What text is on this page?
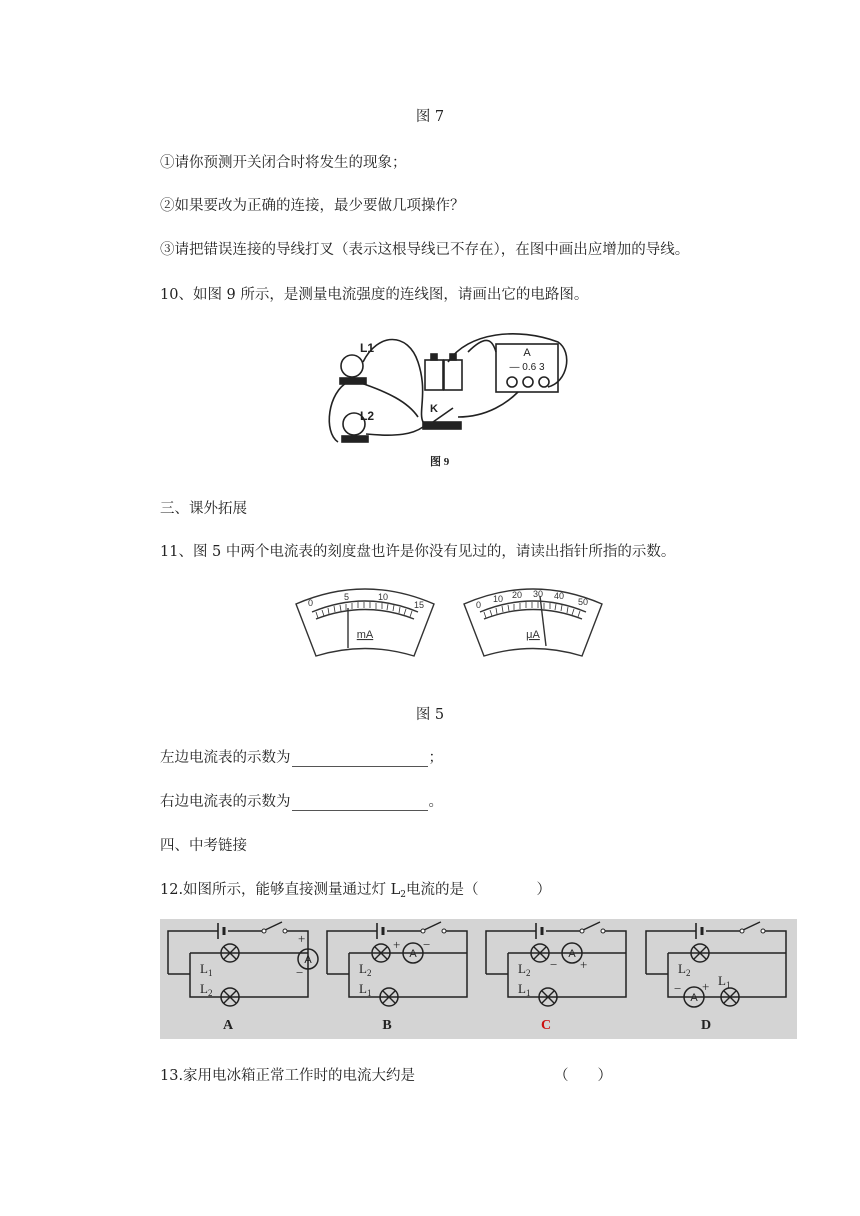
图 7
①请你预测开关闭合时将发生的现象；
②如果要改为正确的连接，最少要做几项操作？
③请把错误连接的导线打叉（表示这根导线已不存在），在图中画出应增加的导线。
10、如图 9 所示，是测量电流强度的连线图，请画出它的电路图。
A
— 0.6 3
L1
L2	K
图 9
三、课外拓展
11、图 5 中两个电流表的刻度盘也许是你没有见过的，请读出指针所指的示数。
0
5	10
15
mA
0
10 20 30 40
50
μA
图 5
左边电流表的示数为	；
右边电流表的示数为	。
四、中考链接
12.如图所示，能够直接测量通过灯 $L_2$电流的是（　　　　）
A
+
−
$L_1$
$L_2$
A
A
+ −
$L_2$
$L_1$
B
A
− +
$L_2$
$L_1$
C
A
− +
$L_2$ $L_1$
D
13.家用电冰箱正常工作时的电流大约是	（　　）
